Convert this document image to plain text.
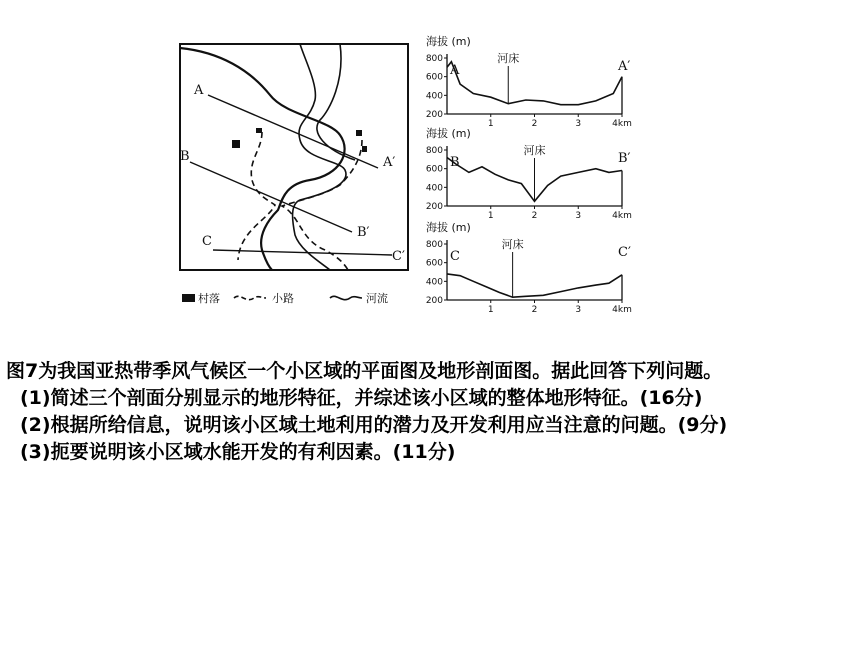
A
A′
B
B′
C
C′
村落	小路	河流
海拔 (m)
800
600
400
200
1	2	3	4km
河床
A	A′
海拔 (m)
800
600
400
200
1	2	3	4km
河床
B	B′
海拔 (m)
800
600
400
200
1	2	3	4km
河床
C	C′

图7为我国亚热带季风气候区一个小区域的平面图及地形剖面图。据此回答下列问题。

(1)简述三个剖面分别显示的地形特征，并综述该小区域的整体地形特征。(16分)

(2)根据所给信息，说明该小区域土地利用的潜力及开发利用应当注意的问题。(9分)

(3)扼要说明该小区域水能开发的有利因素。(11分)
